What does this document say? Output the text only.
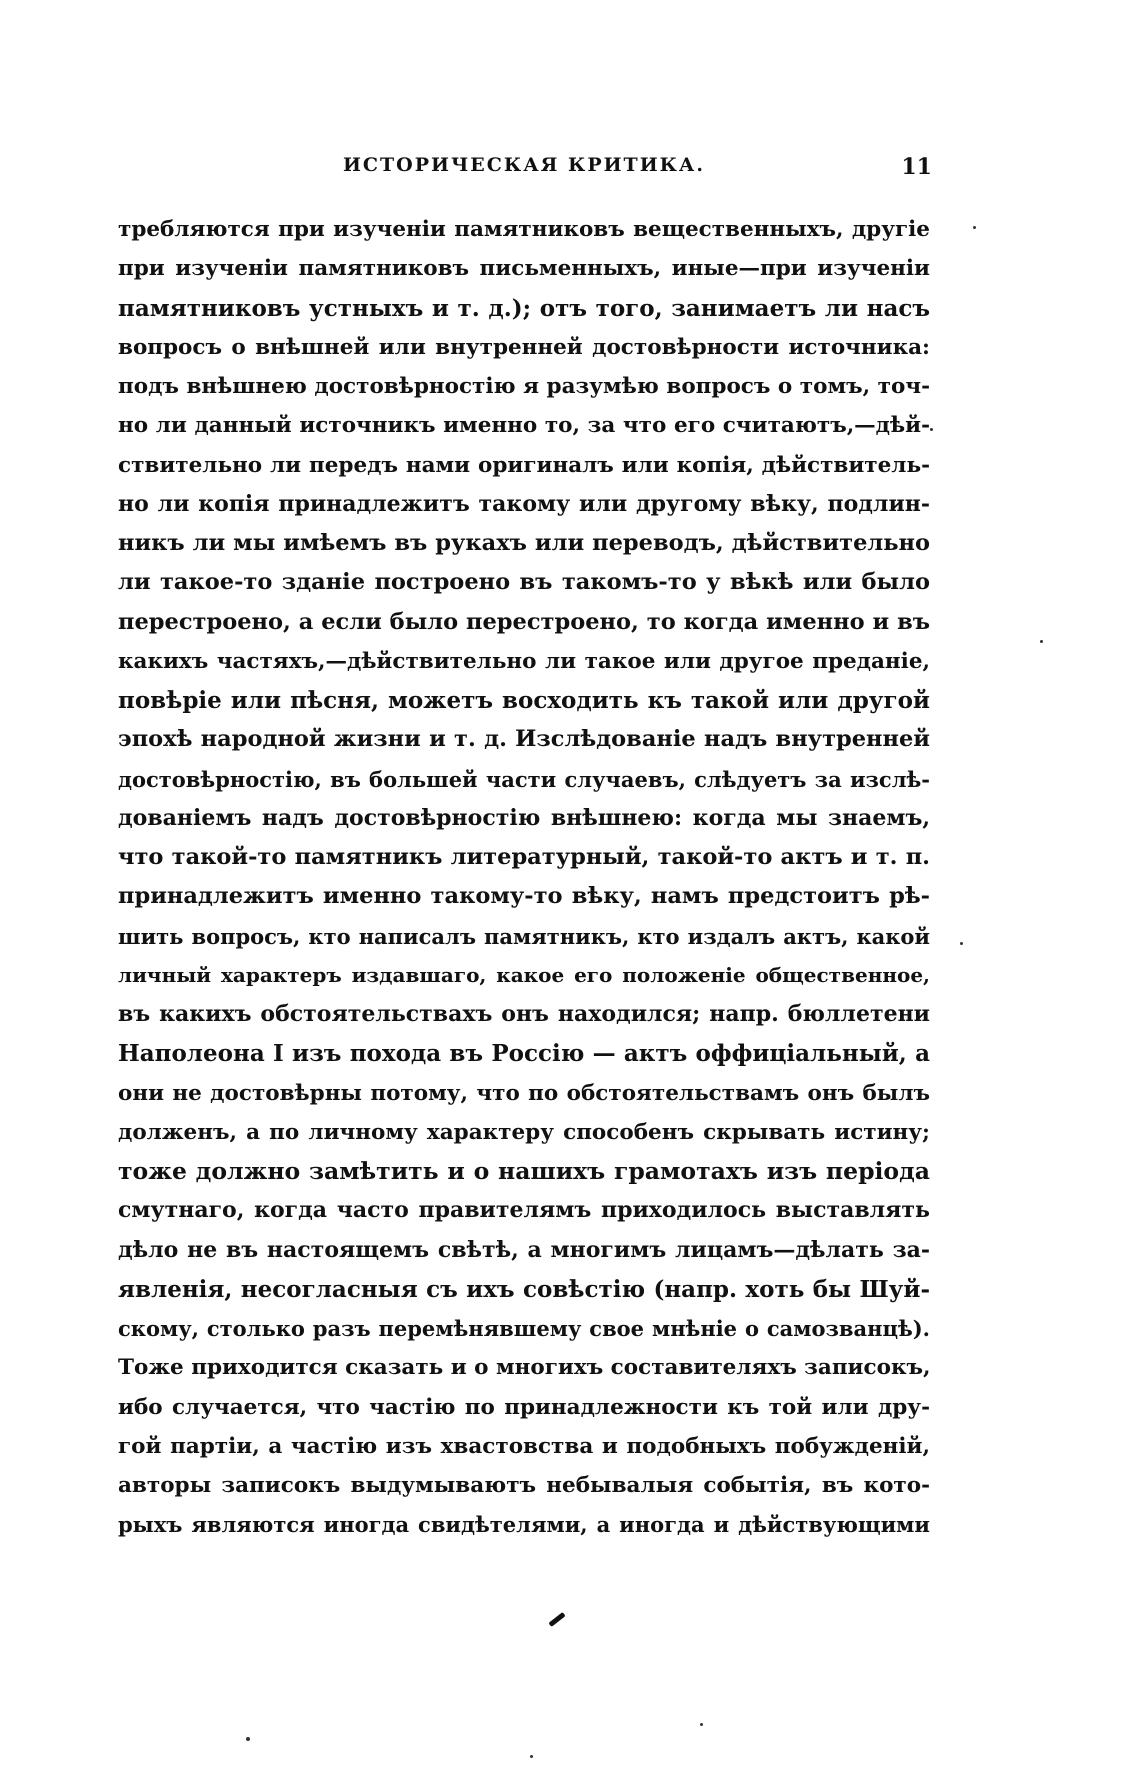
ИСТОРИЧЕСКАЯ КРИТИКА.	11
требляются при изученіи памятниковъ вещественныхъ, другіе
при изученіи памятниковъ письменныхъ, иные—при изученіи
памятниковъ устныхъ и т. д.); отъ того, занимаетъ ли насъ
вопросъ о внѣшней или внутренней достовѣрности источника:
подъ внѣшнею достовѣрностію я разумѣю вопросъ о томъ, точ-
но ли данный источникъ именно то, за что его считаютъ,—дѣй-
ствительно ли передъ нами оригиналъ или копія, дѣйствитель-
но ли копія принадлежитъ такому или другому вѣку, подлин-
никъ ли мы имѣемъ въ рукахъ или переводъ, дѣйствительно
ли такое-то зданіе построено въ такомъ-то у вѣкѣ или было
перестроено, а если было перестроено, то когда именно и въ
какихъ частяхъ,—дѣйствительно ли такое или другое преданіе,
повѣріе или пѣсня, можетъ восходить къ такой или другой
эпохѣ народной жизни и т. д. Изслѣдованіе надъ внутренней
достовѣрностію, въ большей части случаевъ, слѣдуетъ за изслѣ-
дованіемъ надъ достовѣрностію внѣшнею: когда мы знаемъ,
что такой-то памятникъ литературный, такой-то актъ и т. п.
принадлежитъ именно такому-то вѣку, намъ предстоитъ рѣ-
шить вопросъ, кто написалъ памятникъ, кто издалъ актъ, какой
личный характеръ издавшаго, какое его положеніе общественное,
въ какихъ обстоятельствахъ онъ находился; напр. бюллетени
Наполеона I изъ похода въ Россію — актъ оффиціальный, а
они не достовѣрны потому, что по обстоятельствамъ онъ былъ
долженъ, а по личному характеру способенъ скрывать истину;
тоже должно замѣтить и о нашихъ грамотахъ изъ періода
смутнаго, когда часто правителямъ приходилось выставлять
дѣло не въ настоящемъ свѣтѣ, а многимъ лицамъ—дѣлать за-
явленія, несогласныя съ ихъ совѣстію (напр. хоть бы Шуй-
скому, столько разъ перемѣнявшему свое мнѣніе о самозванцѣ).
Тоже приходится сказать и о многихъ составителяхъ записокъ,
ибо случается, что частію по принадлежности къ той или дру-
гой партіи, а частію изъ хвастовства и подобныхъ побужденій,
авторы записокъ выдумываютъ небывалыя событія, въ кото-
рыхъ являются иногда свидѣтелями, а иногда и дѣйствующими
